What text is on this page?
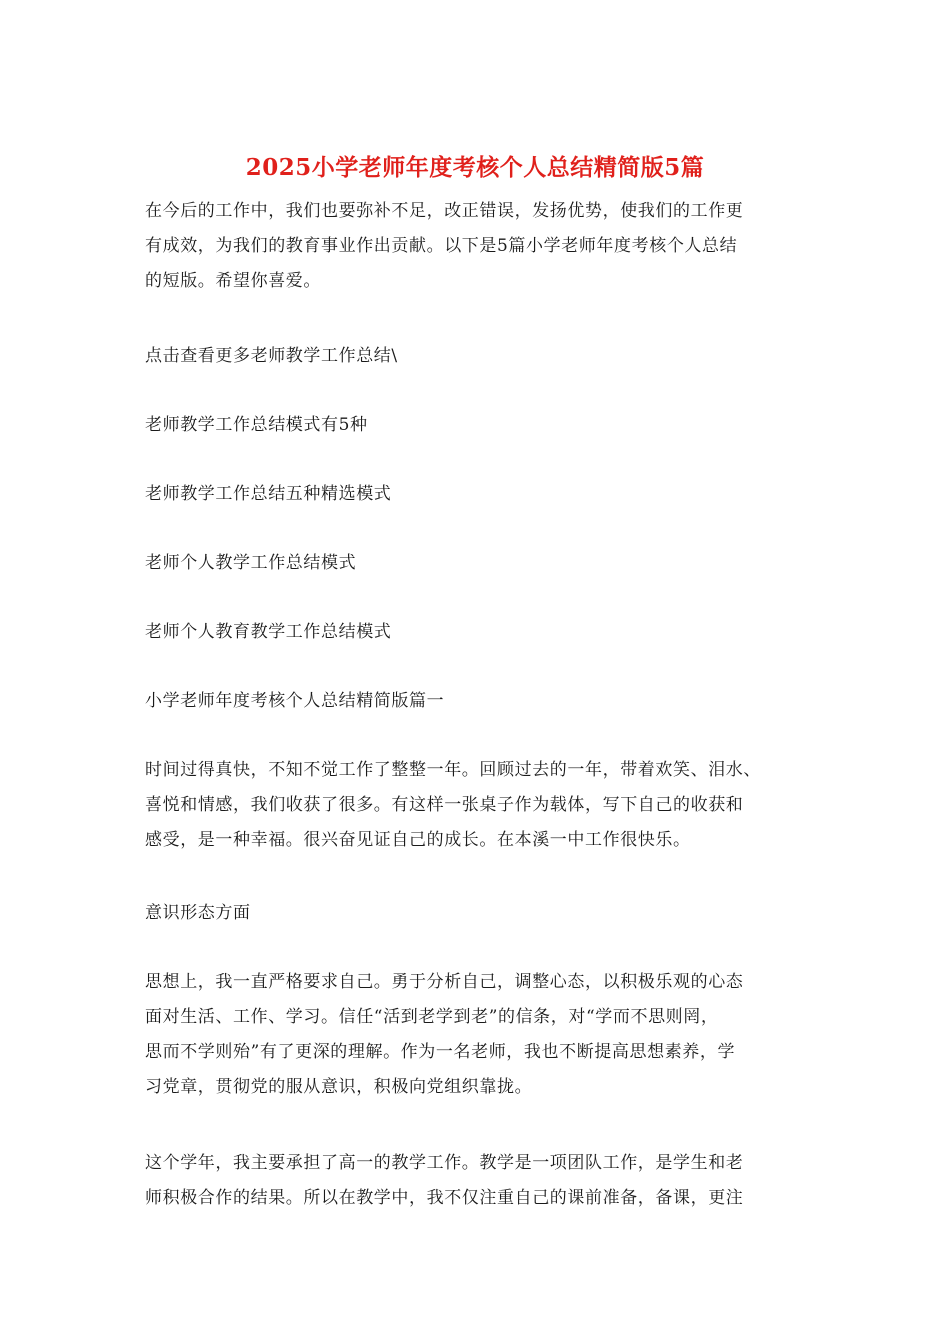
2025小学老师年度考核个人总结精简版5篇

在今后的工作中，我们也要弥补不足，改正错误，发扬优势，使我们的工作更
有成效，为我们的教育事业作出贡献。以下是5篇小学老师年度考核个人总结
的短版。希望你喜爱。

点击查看更多老师教学工作总结\

老师教学工作总结模式有5种

老师教学工作总结五种精选模式

老师个人教学工作总结模式

老师个人教育教学工作总结模式

小学老师年度考核个人总结精简版篇一

时间过得真快，不知不觉工作了整整一年。回顾过去的一年，带着欢笑、泪水、
喜悦和情感，我们收获了很多。有这样一张桌子作为载体，写下自己的收获和
感受，是一种幸福。很兴奋见证自己的成长。在本溪一中工作很快乐。

意识形态方面

思想上，我一直严格要求自己。勇于分析自己，调整心态，以积极乐观的心态
面对生活、工作、学习。信任“活到老学到老”的信条，对“学而不思则罔，
思而不学则殆”有了更深的理解。作为一名老师，我也不断提高思想素养，学
习党章，贯彻党的服从意识，积极向党组织靠拢。

这个学年，我主要承担了高一的教学工作。教学是一项团队工作，是学生和老
师积极合作的结果。所以在教学中，我不仅注重自己的课前准备，备课，更注
